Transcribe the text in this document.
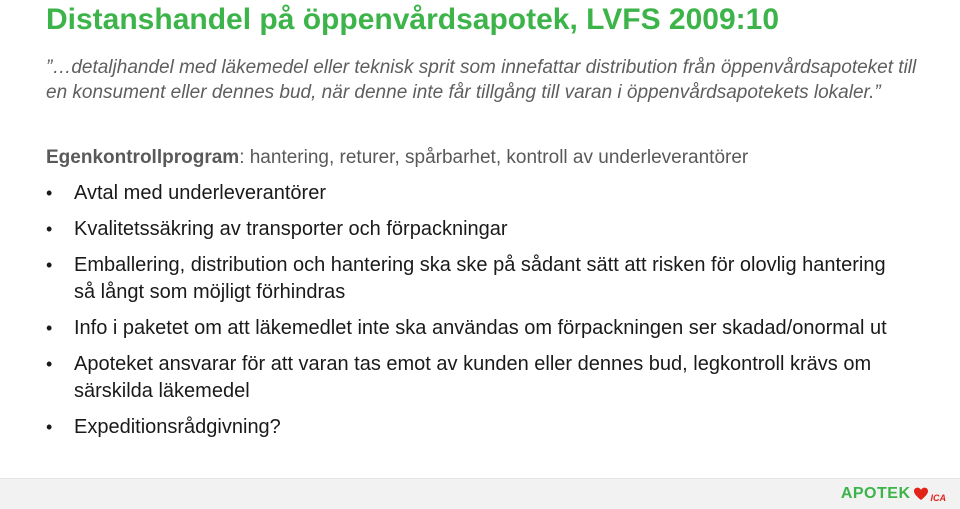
Distanshandel på öppenvårdsapotek, LVFS 2009:10

”…detaljhandel med läkemedel eller teknisk sprit som innefattar distribution från öppenvårdsapoteket till en konsument eller dennes bud, när denne inte får tillgång till varan i öppenvårdsapotekets lokaler.”

Egenkontrollprogram: hantering, returer, spårbarhet, kontroll av underleverantörer

• Avtal med underleverantörer
• Kvalitetssäkring av transporter och förpackningar
• Emballering, distribution och hantering ska ske på sådant sätt att risken för olovlig hantering så långt som möjligt förhindras
• Info i paketet om att läkemedlet inte ska användas om förpackningen ser skadad/onormal ut
• Apoteket ansvarar för att varan tas emot av kunden eller dennes bud, legkontroll krävs om särskilda läkemedel
• Expeditionsrådgivning?
APOTEK ICA
